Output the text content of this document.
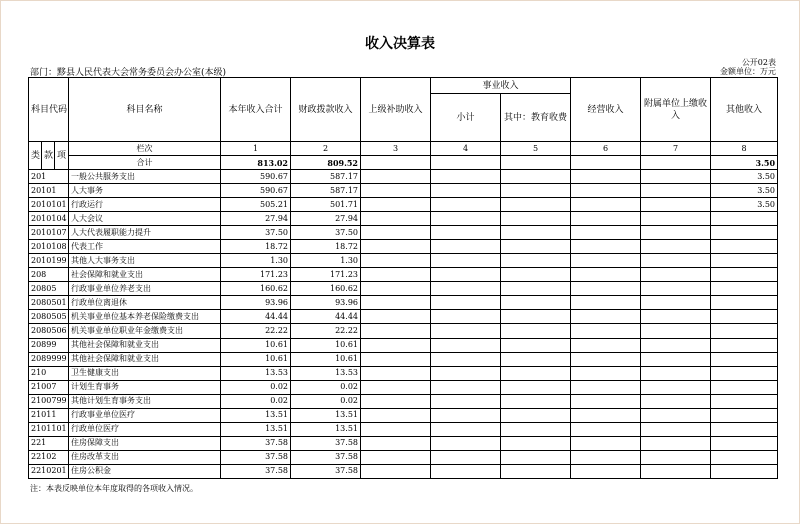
收入决算表
公开02表
金额单位：万元
部门：黟县人民代表大会常务委员会办公室(本级)
科目代码			科目名称	本年收入合计	财政拨款收入	上级补助收入	事业收入		经营收入	附属单位上缴收入	其他收入
							小计	其中：教育收费			
类	款	项	栏次	1	2	3	4	5	6	7	8
			合计	813.02	809.52						3.50
201			一般公共服务支出	590.67	587.17						3.50
20101			人大事务	590.67	587.17						3.50
2010101			行政运行	505.21	501.71						3.50
2010104			人大会议	27.94	27.94						
2010107			人大代表履职能力提升	37.50	37.50						
2010108			代表工作	18.72	18.72						
2010199			其他人大事务支出	1.30	1.30						
208			社会保障和就业支出	171.23	171.23						
20805			行政事业单位养老支出	160.62	160.62						
2080501			行政单位离退休	93.96	93.96						
2080505			机关事业单位基本养老保险缴费支出	44.44	44.44						
2080506			机关事业单位职业年金缴费支出	22.22	22.22						
20899			其他社会保障和就业支出	10.61	10.61						
2089999			其他社会保障和就业支出	10.61	10.61						
210			卫生健康支出	13.53	13.53						
21007			计划生育事务	0.02	0.02						
2100799			其他计划生育事务支出	0.02	0.02						
21011			行政事业单位医疗	13.51	13.51						
2101101			行政单位医疗	13.51	13.51						
221			住房保障支出	37.58	37.58						
22102			住房改革支出	37.58	37.58						
2210201			住房公积金	37.58	37.58						
注：本表反映单位本年度取得的各项收入情况。
